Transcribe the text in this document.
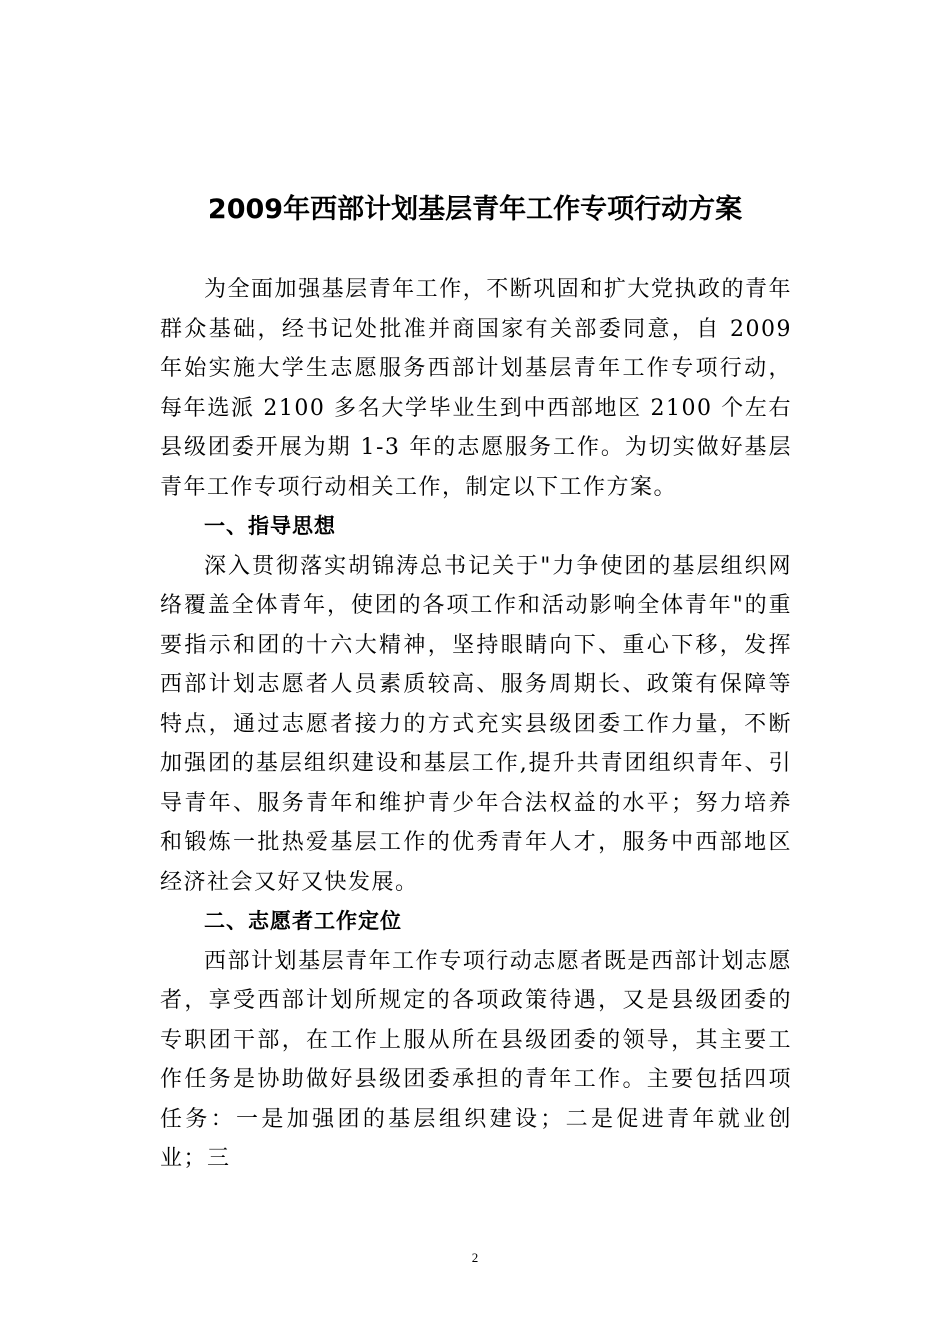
2009年西部计划基层青年工作专项行动方案

为全面加强基层青年工作，不断巩固和扩大党执政的青年群众基础，经书记处批准并商国家有关部委同意，自 2009 年始实施大学生志愿服务西部计划基层青年工作专项行动，每年选派 2100 多名大学毕业生到中西部地区 2100 个左右县级团委开展为期 1-3 年的志愿服务工作。为切实做好基层青年工作专项行动相关工作，制定以下工作方案。

一、指导思想

深入贯彻落实胡锦涛总书记关于"力争使团的基层组织网络覆盖全体青年，使团的各项工作和活动影响全体青年"的重要指示和团的十六大精神，坚持眼睛向下、重心下移，发挥西部计划志愿者人员素质较高、服务周期长、政策有保障等特点，通过志愿者接力的方式充实县级团委工作力量，不断加强团的基层组织建设和基层工作,提升共青团组织青年、引导青年、服务青年和维护青少年合法权益的水平；努力培养和锻炼一批热爱基层工作的优秀青年人才，服务中西部地区经济社会又好又快发展。

二、志愿者工作定位

西部计划基层青年工作专项行动志愿者既是西部计划志愿者，享受西部计划所规定的各项政策待遇，又是县级团委的专职团干部，在工作上服从所在县级团委的领导，其主要工作任务是协助做好县级团委承担的青年工作。主要包括四项任务：一是加强团的基层组织建设；二是促进青年就业创业；三

2
